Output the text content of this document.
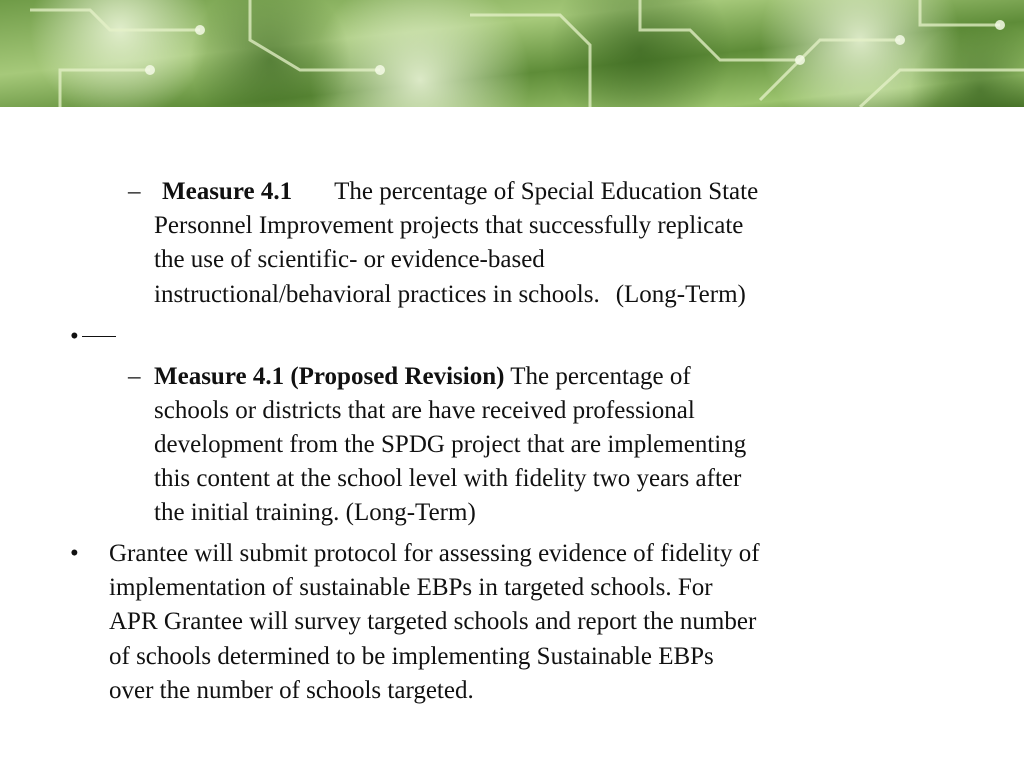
– Measure 4.1 The percentage of Special Education State
Personnel Improvement projects that successfully replicate
the use of scientific- or evidence-based
instructional/behavioral practices in schools. (Long-Term)
•
– Measure 4.1 (Proposed Revision) The percentage of
schools or districts that are have received professional
development from the SPDG project that are implementing
this content at the school level with fidelity two years after
the initial training. (Long-Term)
• Grantee will submit protocol for assessing evidence of fidelity of
implementation of sustainable EBPs in targeted schools. For
APR Grantee will survey targeted schools and report the number
of schools determined to be implementing Sustainable EBPs
over the number of schools targeted.
